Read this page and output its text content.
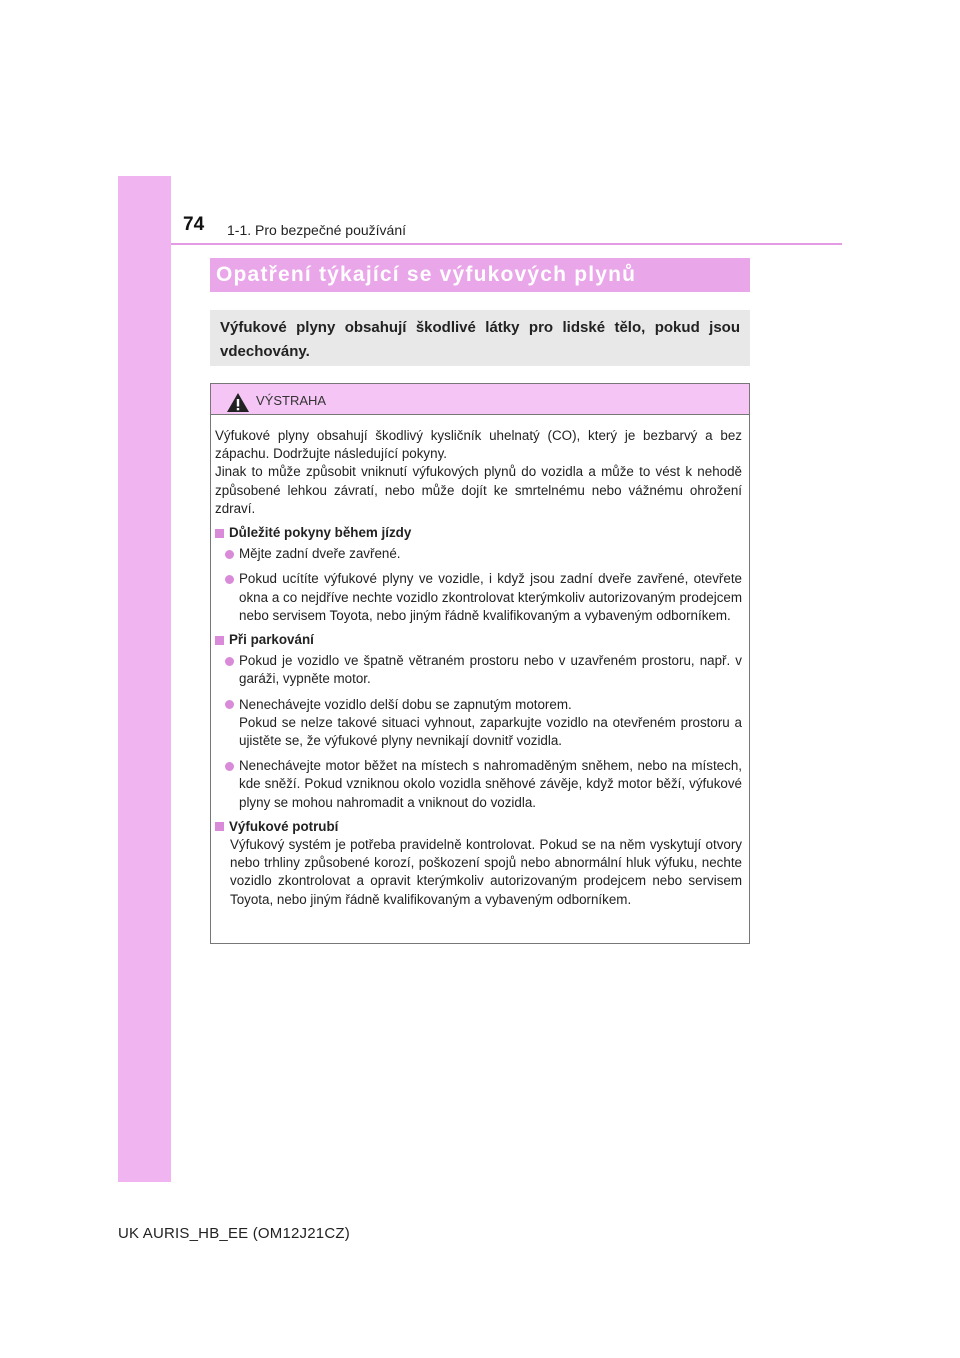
74 1-1. Pro bezpečné používání
Opatření týkající se výfukových plynů
Výfukové plyny obsahují škodlivé látky pro lidské tělo, pokud jsou vdechovány.
VÝSTRAHA
Výfukové plyny obsahují škodlivý kysličník uhelnatý (CO), který je bezbarvý a bez zápachu. Dodržujte následující pokyny.
Jinak to může způsobit vniknutí výfukových plynů do vozidla a může to vést k nehodě způsobené lehkou závratí, nebo může dojít ke smrtelnému nebo vážnému ohrožení zdraví.
Důležité pokyny během jízdy
Mějte zadní dveře zavřené.
Pokud ucítíte výfukové plyny ve vozidle, i když jsou zadní dveře zavřené, otevřete okna a co nejdříve nechte vozidlo zkontrolovat kterýmkoliv autorizovaným prodejcem nebo servisem Toyota, nebo jiným řádně kvalifikovaným a vybaveným odborníkem.
Při parkování
Pokud je vozidlo ve špatně větraném prostoru nebo v uzavřeném prostoru, např. v garáži, vypněte motor.
Nenechávejte vozidlo delší dobu se zapnutým motorem.
Pokud se nelze takové situaci vyhnout, zaparkujte vozidlo na otevřeném prostoru a ujistěte se, že výfukové plyny nevnikají dovnitř vozidla.
Nenechávejte motor běžet na místech s nahromaděným sněhem, nebo na místech, kde sněží. Pokud vzniknou okolo vozidla sněhové závěje, když motor běží, výfukové plyny se mohou nahromadit a vniknout do vozidla.
Výfukové potrubí
Výfukový systém je potřeba pravidelně kontrolovat. Pokud se na něm vyskytují otvory nebo trhliny způsobené korozí, poškození spojů nebo abnormální hluk výfuku, nechte vozidlo zkontrolovat a opravit kterýmkoliv autorizovaným prodejcem nebo servisem Toyota, nebo jiným řádně kvalifikovaným a vybaveným odborníkem.
UK AURIS_HB_EE (OM12J21CZ)
